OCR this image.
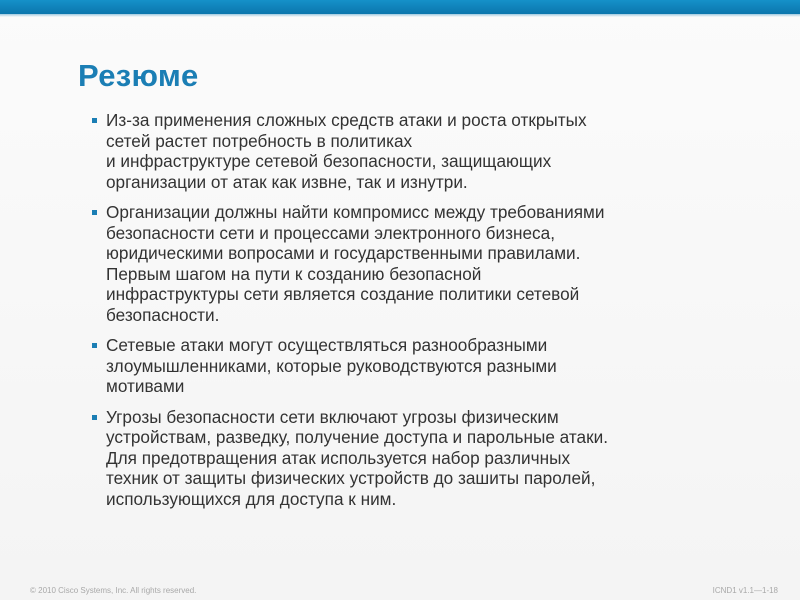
Резюме
Из-за применения сложных средств атаки и роста открытых
сетей растет потребность в политиках
и инфраструктуре сетевой безопасности, защищающих
организации от атак как извне, так и изнутри.
Организации должны найти компромисс между требованиями
безопасности сети и процессами электронного бизнеса,
юридическими вопросами и государственными правилами.
Первым шагом на пути к созданию безопасной
инфраструктуры сети является создание политики сетевой
безопасности.
Сетевые атаки могут осуществляться разнообразными
злоумышленниками, которые руководствуются разными
мотивами
Угрозы безопасности сети включают угрозы физическим
устройствам, разведку, получение доступа и парольные атаки.
Для предотвращения атак используется набор различных
техник от защиты физических устройств до зашиты паролей,
использующихся для доступа к ним.
© 2010 Cisco Systems, Inc. All rights reserved.	ICND1 v1.1—1-18
